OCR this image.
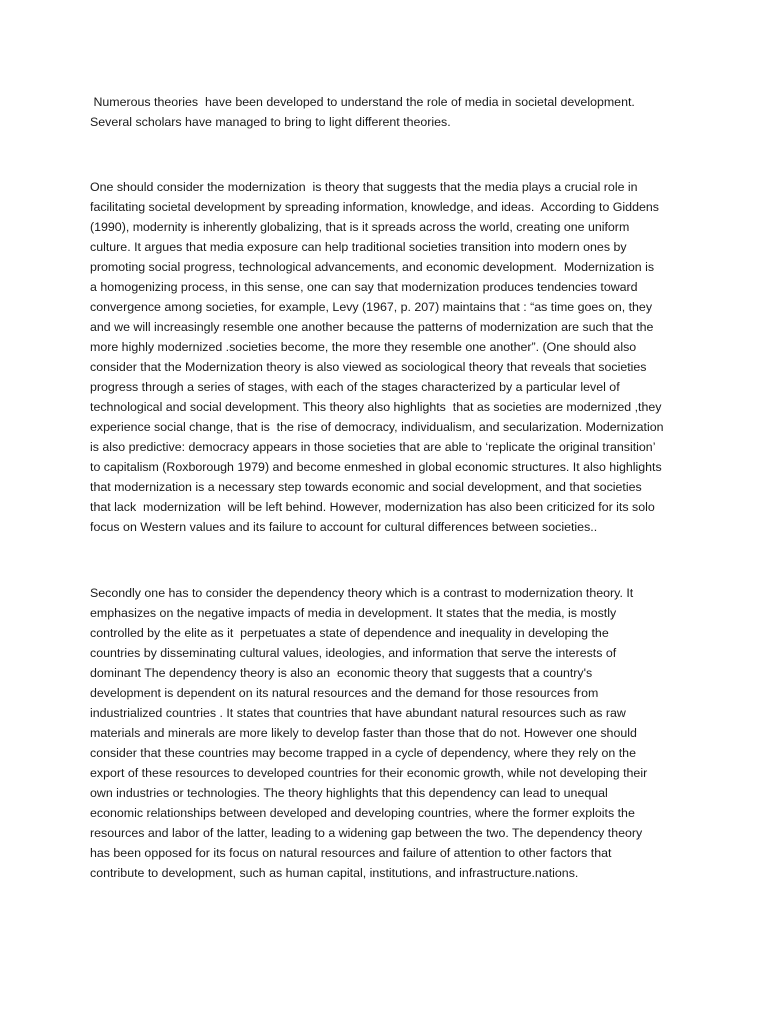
Numerous theories  have been developed to understand the role of media in societal development.
Several scholars have managed to bring to light different theories.
One should consider the modernization  is theory that suggests that the media plays a crucial role in
facilitating societal development by spreading information, knowledge, and ideas.  According to Giddens
(1990), modernity is inherently globalizing, that is it spreads across the world, creating one uniform
culture. It argues that media exposure can help traditional societies transition into modern ones by
promoting social progress, technological advancements, and economic development.  Modernization is
a homogenizing process, in this sense, one can say that modernization produces tendencies toward
convergence among societies, for example, Levy (1967, p. 207) maintains that : “as time goes on, they
and we will increasingly resemble one another because the patterns of modernization are such that the
more highly modernized .societies become, the more they resemble one another”. (One should also
consider that the Modernization theory is also viewed as sociological theory that reveals that societies
progress through a series of stages, with each of the stages characterized by a particular level of
technological and social development. This theory also highlights  that as societies are modernized ,they
experience social change, that is  the rise of democracy, individualism, and secularization. Modernization
is also predictive: democracy appears in those societies that are able to ‘replicate the original transition’
to capitalism (Roxborough 1979) and become enmeshed in global economic structures. It also highlights
that modernization is a necessary step towards economic and social development, and that societies
that lack  modernization  will be left behind. However, modernization has also been criticized for its solo
focus on Western values and its failure to account for cultural differences between societies..
Secondly one has to consider the dependency theory which is a contrast to modernization theory. It
emphasizes on the negative impacts of media in development. It states that the media, is mostly
controlled by the elite as it  perpetuates a state of dependence and inequality in developing the
countries by disseminating cultural values, ideologies, and information that serve the interests of
dominant The dependency theory is also an  economic theory that suggests that a country's
development is dependent on its natural resources and the demand for those resources from
industrialized countries . It states that countries that have abundant natural resources such as raw
materials and minerals are more likely to develop faster than those that do not. However one should
consider that these countries may become trapped in a cycle of dependency, where they rely on the
export of these resources to developed countries for their economic growth, while not developing their
own industries or technologies. The theory highlights that this dependency can lead to unequal
economic relationships between developed and developing countries, where the former exploits the
resources and labor of the latter, leading to a widening gap between the two. The dependency theory
has been opposed for its focus on natural resources and failure of attention to other factors that
contribute to development, such as human capital, institutions, and infrastructure.nations.
